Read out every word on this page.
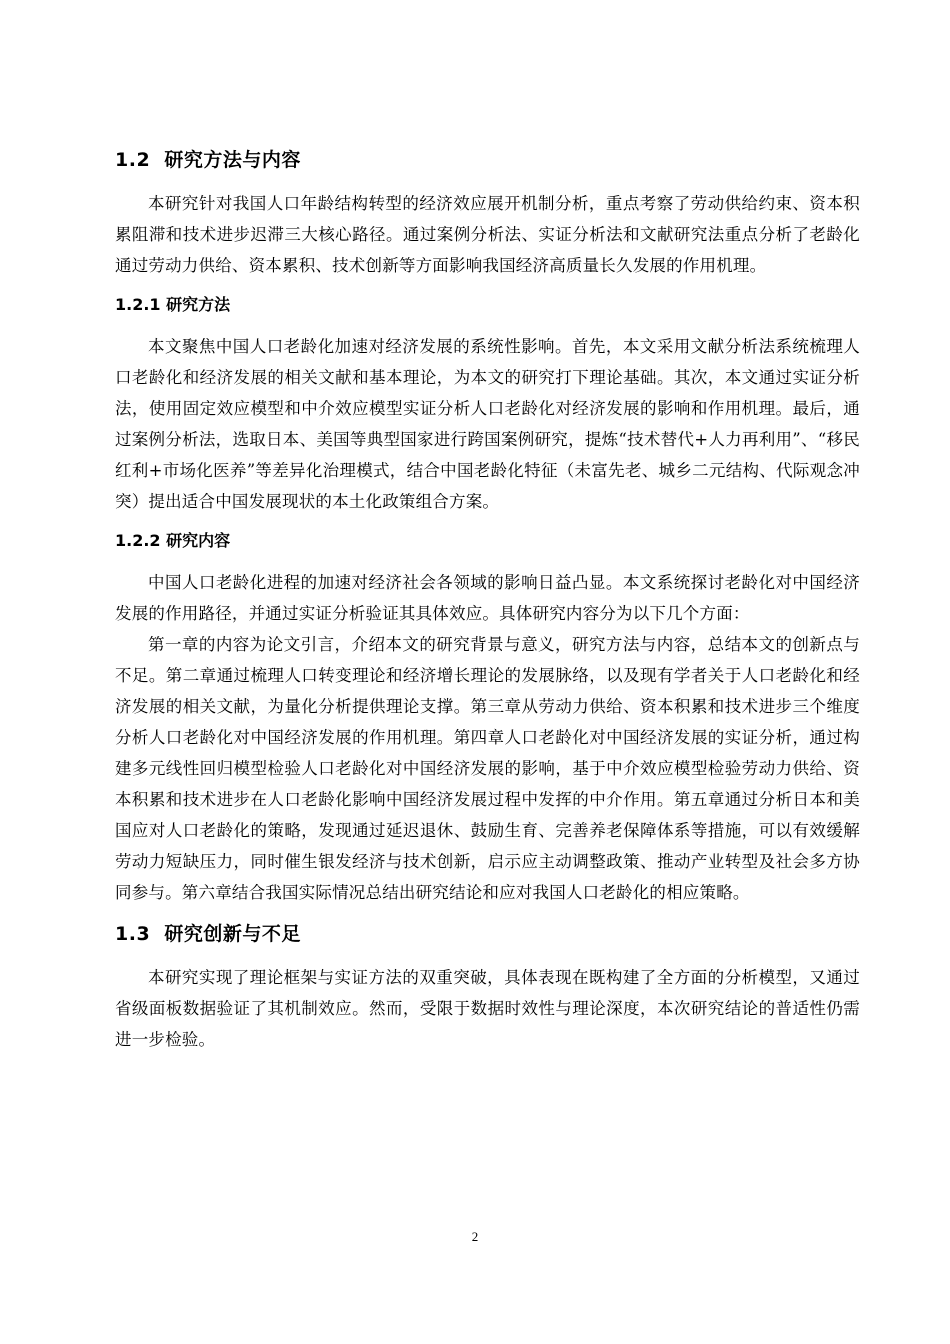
1.2 研究方法与内容

本研究针对我国人口年龄结构转型的经济效应展开机制分析，重点考察了劳动供给约束、资本积累阻滞和技术进步迟滞三大核心路径。通过案例分析法、实证分析法和文献研究法重点分析了老龄化通过劳动力供给、资本累积、技术创新等方面影响我国经济高质量长久发展的作用机理。

1.2.1 研究方法

本文聚焦中国人口老龄化加速对经济发展的系统性影响。首先，本文采用文献分析法系统梳理人口老龄化和经济发展的相关文献和基本理论，为本文的研究打下理论基础。其次，本文通过实证分析法，使用固定效应模型和中介效应模型实证分析人口老龄化对经济发展的影响和作用机理。最后，通过案例分析法，选取日本、美国等典型国家进行跨国案例研究，提炼“技术替代+人力再利用”、“移民红利+市场化医养”等差异化治理模式，结合中国老龄化特征（未富先老、城乡二元结构、代际观念冲突）提出适合中国发展现状的本土化政策组合方案。

1.2.2 研究内容

中国人口老龄化进程的加速对经济社会各领域的影响日益凸显。本文系统探讨老龄化对中国经济发展的作用路径，并通过实证分析验证其具体效应。具体研究内容分为以下几个方面：

第一章的内容为论文引言，介绍本文的研究背景与意义，研究方法与内容，总结本文的创新点与不足。第二章通过梳理人口转变理论和经济增长理论的发展脉络，以及现有学者关于人口老龄化和经济发展的相关文献，为量化分析提供理论支撑。第三章从劳动力供给、资本积累和技术进步三个维度分析人口老龄化对中国经济发展的作用机理。第四章人口老龄化对中国经济发展的实证分析，通过构建多元线性回归模型检验人口老龄化对中国经济发展的影响，基于中介效应模型检验劳动力供给、资本积累和技术进步在人口老龄化影响中国经济发展过程中发挥的中介作用。第五章通过分析日本和美国应对人口老龄化的策略，发现通过延迟退休、鼓励生育、完善养老保障体系等措施，可以有效缓解劳动力短缺压力，同时催生银发经济与技术创新，启示应主动调整政策、推动产业转型及社会多方协同参与。第六章结合我国实际情况总结出研究结论和应对我国人口老龄化的相应策略。

1.3 研究创新与不足

本研究实现了理论框架与实证方法的双重突破，具体表现在既构建了全方面的分析模型，又通过省级面板数据验证了其机制效应。然而，受限于数据时效性与理论深度，本次研究结论的普适性仍需进一步检验。

2
